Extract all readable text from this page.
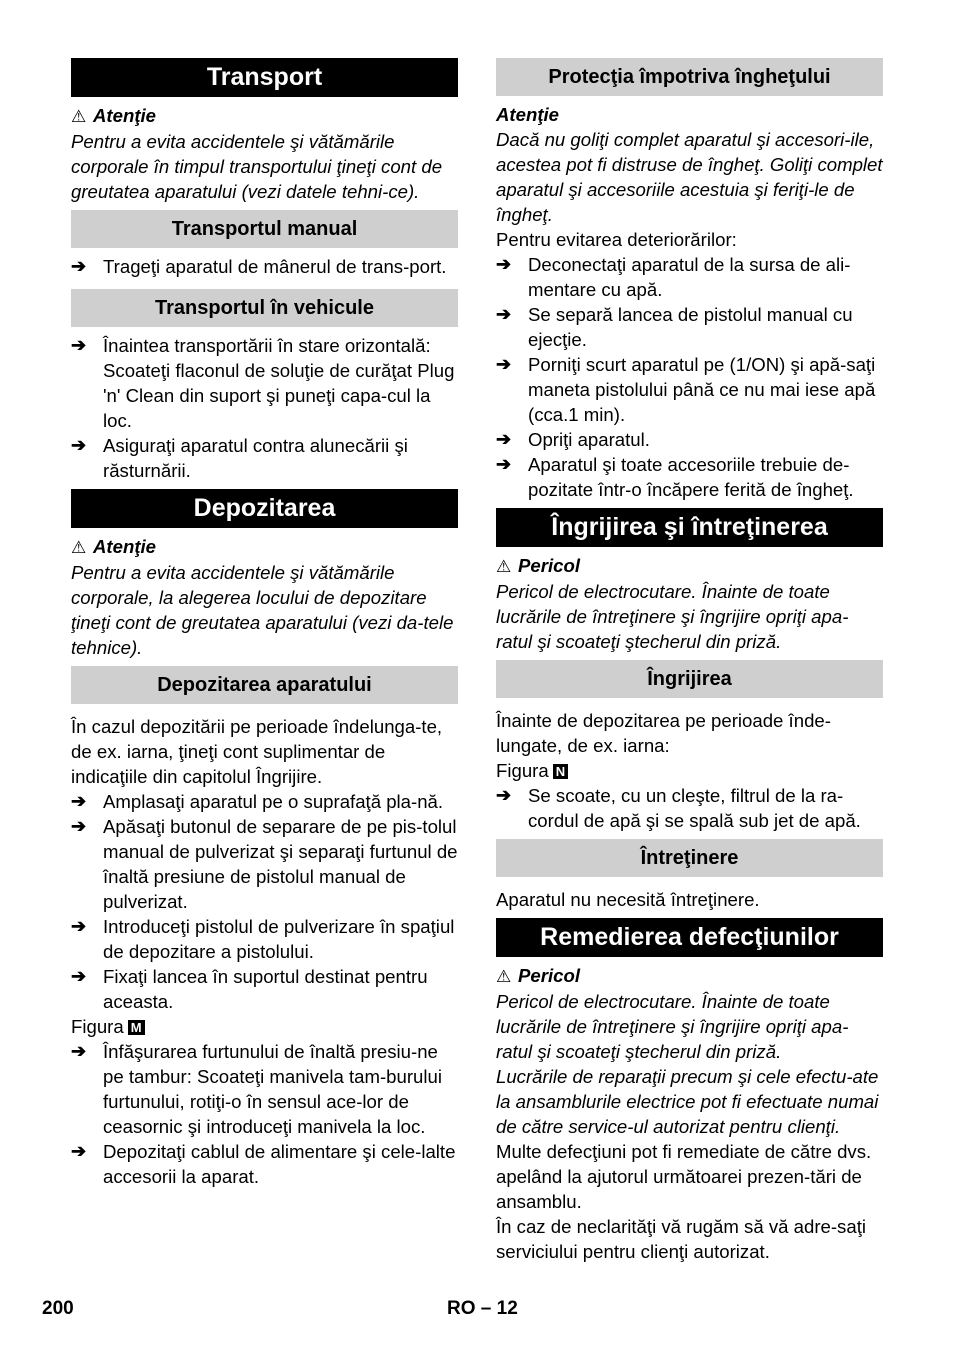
Transport
⚠ Atenţie
Pentru a evita accidentele şi vătămările corporale în timpul transportului ţineţi cont de greutatea aparatului (vezi datele tehni-ce).
Transportul manual
➔ Trageţi aparatul de mânerul de trans-port.
Transportul în vehicule
➔ Înaintea transportării în stare orizontală: Scoateţi flaconul de soluţie de curăţat Plug 'n' Clean din suport şi puneţi capa-cul la loc.
➔ Asiguraţi aparatul contra alunecării şi răsturnării.
Depozitarea
⚠ Atenţie
Pentru a evita accidentele şi vătămările corporale, la alegerea locului de depozitare ţineţi cont de greutatea aparatului (vezi da-tele tehnice).
Depozitarea aparatului
În cazul depozitării pe perioade îndelunga-te, de ex. iarna, ţineţi cont suplimentar de indicaţiile din capitolul Îngrijire.
➔ Amplasaţi aparatul pe o suprafaţă pla-nă.
➔ Apăsaţi butonul de separare de pe pis-tolul manual de pulverizat şi separaţi furtunul de înaltă presiune de pistolul manual de pulverizat.
➔ Introduceţi pistolul de pulverizare în spaţiul de depozitare a pistolului.
➔ Fixaţi lancea în suportul destinat pentru aceasta.
Figura M
➔ Înfăşurarea furtunului de înaltă presiu-ne pe tambur: Scoateţi manivela tam-burului furtunului, rotiţi-o în sensul ace-lor de ceasornic şi introduceţi manivela la loc.
➔ Depozitaţi cablul de alimentare şi cele-lalte accesorii la aparat.
Protecţia împotriva îngheţului
Atenţie
Dacă nu goliţi complet aparatul şi accesori-ile, acestea pot fi distruse de îngheţ. Goliţi complet aparatul şi accesoriile acestuia şi feriţi-le de îngheţ.
Pentru evitarea deteriorărilor:
➔ Deconectaţi aparatul de la sursa de ali-mentare cu apă.
➔ Se separă lancea de pistolul manual cu ejecţie.
➔ Porniţi scurt aparatul pe (1/ON) şi apă-saţi maneta pistolului până ce nu mai iese apă (cca.1 min).
➔ Opriţi aparatul.
➔ Aparatul şi toate accesoriile trebuie de-pozitate într-o încăpere ferită de îngheţ.
Îngrijirea şi întreţinerea
⚠ Pericol
Pericol de electrocutare. Înainte de toate lucrările de întreţinere şi îngrijire opriţi apa-ratul şi scoateţi ştecherul din priză.
Îngrijirea
Înainte de depozitarea pe perioade înde-lungate, de ex. iarna:
Figura N
➔ Se scoate, cu un cleşte, filtrul de la ra-cordul de apă şi se spală sub jet de apă.
Întreţinere
Aparatul nu necesită întreţinere.
Remedierea defecţiunilor
⚠ Pericol
Pericol de electrocutare. Înainte de toate lucrările de întreţinere şi îngrijire opriţi apa-ratul şi scoateţi ştecherul din priză.
Lucrările de reparaţii precum şi cele efectu-ate la ansamblurile electrice pot fi efectuate numai de către service-ul autorizat pentru clienţi.
Multe defecţiuni pot fi remediate de către dvs. apelând la ajutorul următoarei prezen-tări de ansamblu.
În caz de neclarităţi vă rugăm să vă adre-saţi serviciului pentru clienţi autorizat.
200	RO – 12
